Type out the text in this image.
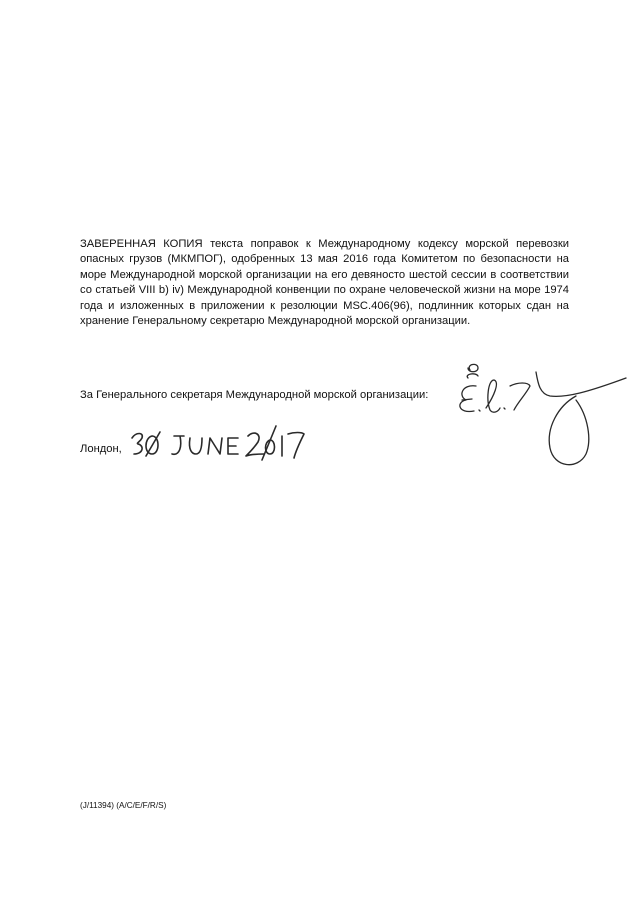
ЗАВЕРЕННАЯ КОПИЯ текста поправок к Международному кодексу морской перевозки опасных грузов (МКМПОГ), одобренных 13 мая 2016 года Комитетом по безопасности на море Международной морской организации на его девяносто шестой сессии в соответствии со статьей VIII b) iv) Международной конвенции по охране человеческой жизни на море 1974 года и изложенных в приложении к резолюции MSC.406(96), подлинник которых сдан на хранение Генеральному секретарю Международной морской организации.

За Генерального секретаря Международной морской организации:

Лондон,

(J/11394) (A/C/E/F/R/S)
